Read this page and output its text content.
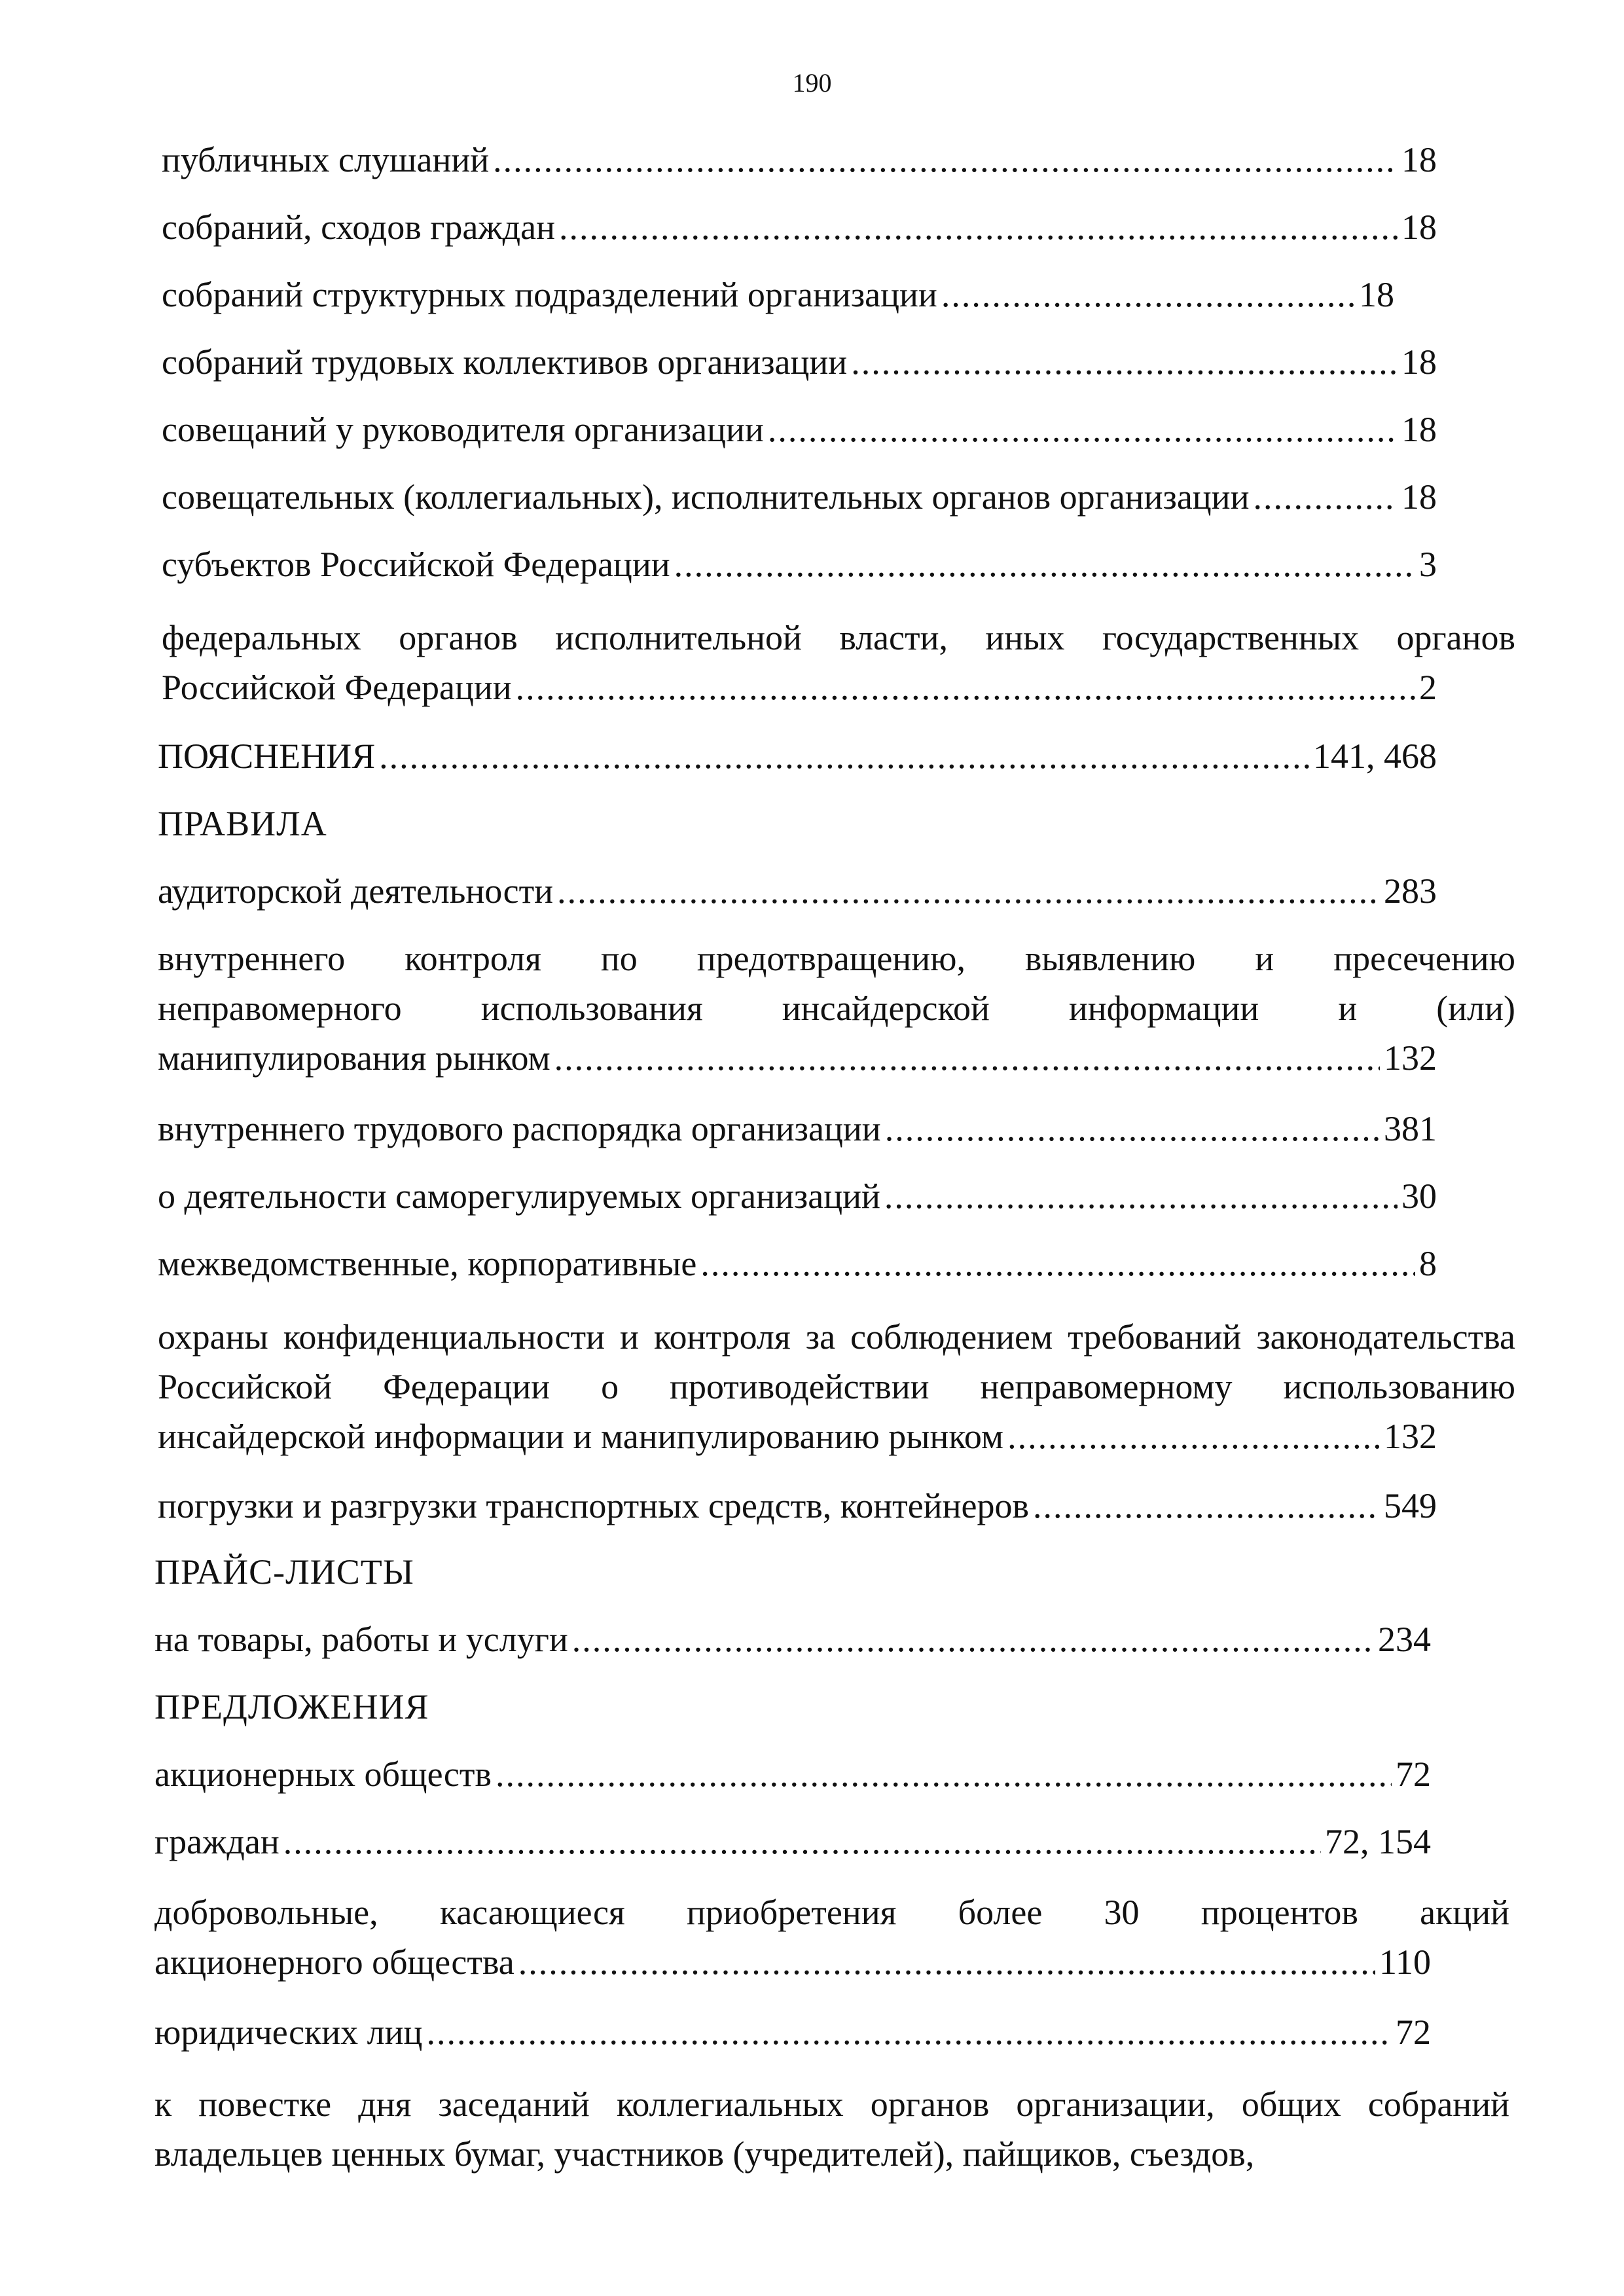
190
публичных слушаний .....	18
собраний, сходов граждан .....	18
собраний структурных подразделений организации .....	18
собраний трудовых коллективов организации .....	18
совещаний у руководителя организации .....	18
совещательных (коллегиальных), исполнительных органов организации .....	18
субъектов Российской Федерации .....	3
федеральных органов исполнительной власти, иных государственных органов
Российской Федерации .....	2
ПОЯСНЕНИЯ .....	141, 468
ПРАВИЛА
аудиторской деятельности .....	283
внутреннего контроля по предотвращению, выявлению и пресечению
неправомерного использования инсайдерской информации и (или)
манипулирования рынком .....	132
внутреннего трудового распорядка организации .....	381
о деятельности саморегулируемых организаций .....	30
межведомственные, корпоративные .....	8
охраны конфиденциальности и контроля за соблюдением требований законодательства
Российской Федерации о противодействии неправомерному использованию
инсайдерской информации и манипулированию рынком .....	132
погрузки и разгрузки транспортных средств, контейнеров .....	549
ПРАЙС-ЛИСТЫ
на товары, работы и услуги .....	234
ПРЕДЛОЖЕНИЯ
акционерных обществ .....	72
граждан .....	72, 154
добровольные, касающиеся приобретения более 30 процентов акций
акционерного общества .....	110
юридических лиц .....	72
к повестке дня заседаний коллегиальных органов организации, общих собраний
владельцев ценных бумаг, участников (учредителей), пайщиков, съездов,
